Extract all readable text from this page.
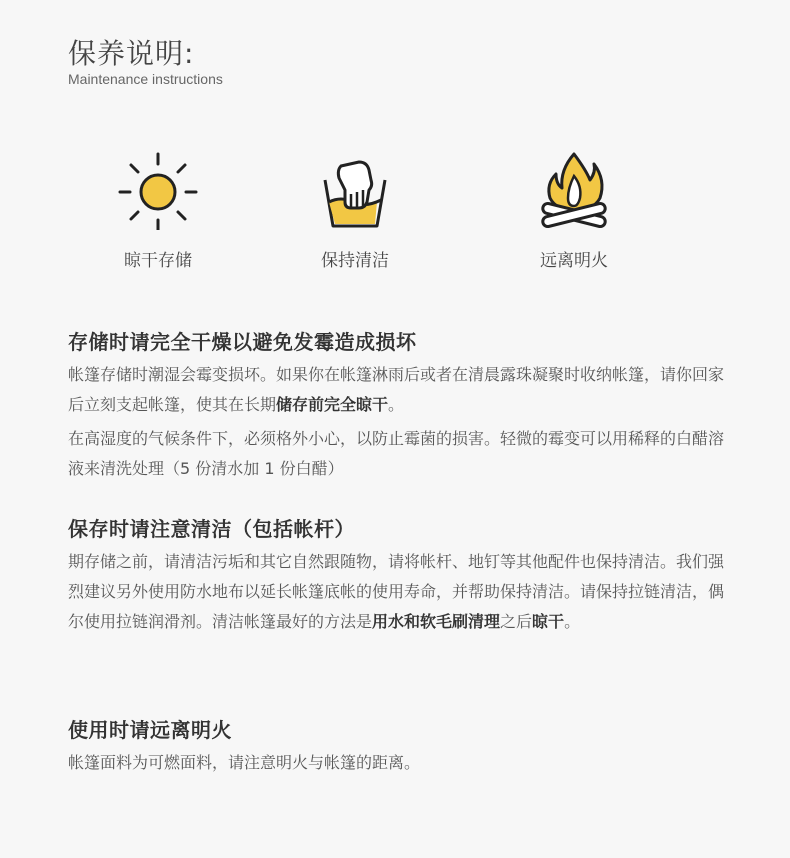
保养说明:
Maintenance instructions
晾干存储	保持清洁	远离明火
存储时请完全干燥以避免发霉造成损坏
帐篷存储时潮湿会霉变损坏。如果你在帐篷淋雨后或者在清晨露珠凝聚时收纳帐篷，请你回家后立刻支起帐篷，使其在长期储存前完全晾干。
在高湿度的气候条件下，必须格外小心，以防止霉菌的损害。轻微的霉变可以用稀释的白醋溶液来清洗处理（5 份清水加 1 份白醋）
保存时请注意清洁（包括帐杆）
期存储之前，请清洁污垢和其它自然跟随物，请将帐杆、地钉等其他配件也保持清洁。我们强烈建议另外使用防水地布以延长帐篷底帐的使用寿命，并帮助保持清洁。请保持拉链清洁，偶尔使用拉链润滑剂。清洁帐篷最好的方法是用水和软毛刷清理之后晾干。
使用时请远离明火
帐篷面料为可燃面料，请注意明火与帐篷的距离。
